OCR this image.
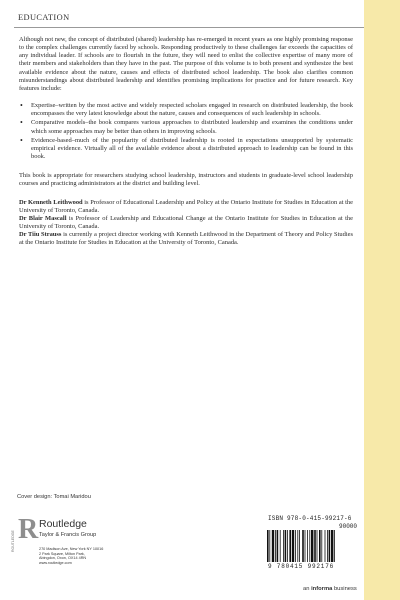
EDUCATION

Although not new, the concept of distributed (shared) leadership has re-emerged in recent years as one highly promising response to the complex challenges currently faced by schools. Responding productively to these challenges far exceeds the capacities of any individual leader. If schools are to flourish in the future, they will need to enlist the collective expertise of many more of their members and stakeholders than they have in the past. The purpose of this volume is to both present and synthesize the best available evidence about the nature, causes and effects of distributed school leadership. The book also clarifies common misunderstandings about distributed leadership and identifies promising implications for practice and for future research. Key features include:

• Expertise–written by the most active and widely respected scholars engaged in research on distributed leadership, the book encompasses the very latest knowledge about the nature, causes and consequences of such leadership in schools.
• Comparative models–the book compares various approaches to distributed leadership and examines the conditions under which some approaches may be better than others in improving schools.
• Evidence-based–much of the popularity of distributed leadership is rooted in expectations unsupported by systematic empirical evidence. Virtually all of the available evidence about a distributed approach to leadership can be found in this book.

This book is appropriate for researchers studying school leadership, instructors and students in graduate-level school leadership courses and practicing administrators at the district and building level.

Dr Kenneth Leithwood is Professor of Educational Leadership and Policy at the Ontario Institute for Studies in Education at the University of Toronto, Canada.

Dr Blair Mascall is Professor of Leadership and Educational Change at the Ontario Institute for Studies in Education at the University of Toronto, Canada.

Dr Tiiu Strauss is currently a project director working with Kenneth Leithwood in the Department of Theory and Policy Studies at the Ontario Institute for Studies in Education at the University of Toronto, Canada.

Cover design: Tomai Maridou
R
ROUTLEDGE
Routledge
Taylor & Francis Group
270 Madison Ave, New York NY 10016
2 Park Square, Milton Park,
Abingdon, Oxon, OX14 4RN
www.routledge.com
ISBN 978-0-415-99217-6
90000
9 780415 992176
an informa business
